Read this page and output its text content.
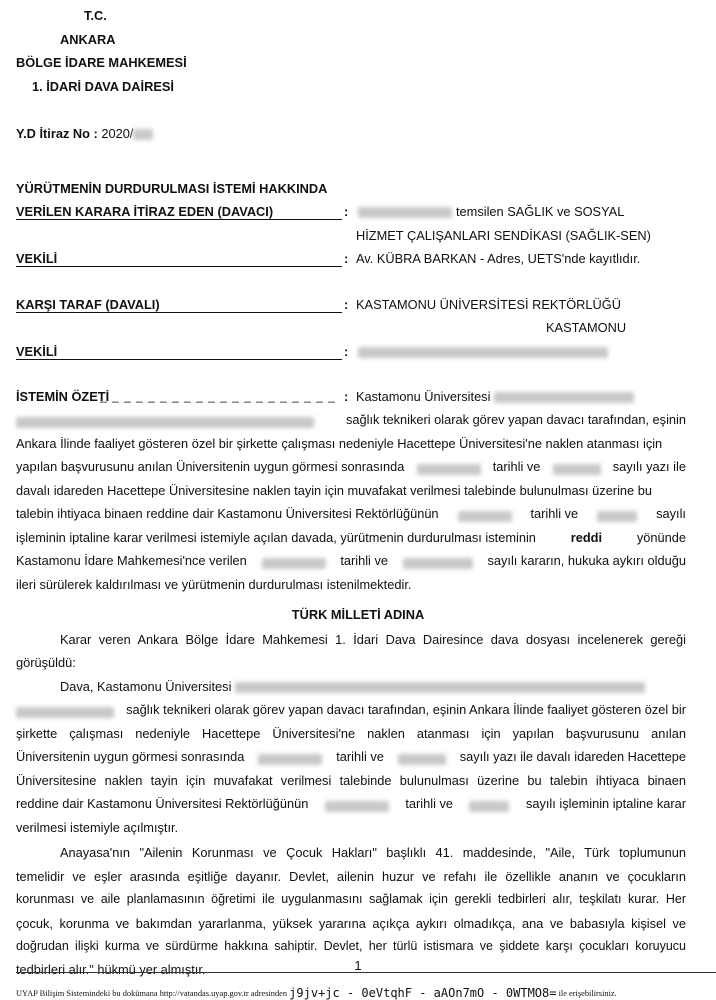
T.C.
ANKARA
BÖLGE İDARE MAHKEMESİ
1. İDARİ DAVA DAİRESİ
Y.D İtiraz No : 2020/
YÜRÜTMENİN DURDURULMASI İSTEMİ HAKKINDA
VERİLEN KARARA İTİRAZ EDEN (DAVACI)	:	temsilen SAĞLIK ve SOSYAL
HİZMET ÇALIŞANLARI SENDİKASI (SAĞLIK-SEN)
VEKİLİ	: Av. KÜBRA BARKAN - Adres, UETS'nde kayıtlıdır.
KARŞI TARAF (DAVALI)	: KASTAMONU ÜNİVERSİTESİ REKTÖRLÜĞÜ
KASTAMONU
VEKİLİ	:
İSTEMİN ÖZETİ
_ _ _ _ _ _ _ _ _ _ _ _ _ _ _ _ _ _ _ _ : Kastamonu Üniversitesi
sağlık teknikeri olarak görev yapan davacı tarafından, eşinin
Ankara İlinde faaliyet gösteren özel bir şirkette çalışması nedeniyle Hacettepe Üniversitesi'ne naklen atanması için
yapılan başvurusunu anılan Üniversitenin uygun görmesi sonrasında	tarihli ve	sayılı yazı ile
davalı idareden Hacettepe Üniversitesine naklen tayin için muvafakat verilmesi talebinde bulunulması üzerine bu
talebin ihtiyaca binaen reddine dair Kastamonu Üniversitesi Rektörlüğünün	tarihli ve	sayılı
işleminin iptaline karar verilmesi istemiyle açılan davada, yürütmenin durdurulması isteminin	reddi	yönünde
Kastamonu İdare Mahkemesi'nce verilen	tarihli ve	sayılı kararın, hukuka aykırı olduğu
ileri sürülerek kaldırılması ve yürütmenin durdurulması istenilmektedir.
TÜRK MİLLETİ ADINA
Karar veren Ankara Bölge İdare Mahkemesi 1. İdari Dava Dairesince dava dosyası incelenerek gereği
görüşüldü:
Dava, Kastamonu Üniversitesi
sağlık teknikeri olarak görev yapan davacı tarafından, eşinin Ankara İlinde faaliyet gösteren özel bir
şirkette çalışması nedeniyle Hacettepe Üniversitesi'ne naklen atanması için yapılan başvurusunu anılan
Üniversitenin uygun görmesi sonrasında	tarihli ve	sayılı yazı ile davalı idareden Hacettepe
Üniversitesine naklen tayin için muvafakat verilmesi talebinde bulunulması üzerine bu talebin ihtiyaca binaen
reddine dair Kastamonu Üniversitesi Rektörlüğünün	tarihli ve	sayılı işleminin iptaline karar
verilmesi istemiyle açılmıştır.
Anayasa'nın "Ailenin Korunması ve Çocuk Hakları" başlıklı 41. maddesinde, "Aile, Türk toplumunun
temelidir ve eşler arasında eşitliğe dayanır. Devlet, ailenin huzur ve refahı ile özellikle ananın ve çocukların
korunması ve aile planlamasının öğretimi ile uygulanmasını sağlamak için gerekli tedbirleri alır, teşkilatı kurar. Her
çocuk, korunma ve bakımdan yararlanma, yüksek yararına açıkça aykırı olmadıkça, ana ve babasıyla kişisel ve
doğrudan ilişki kurma ve sürdürme hakkına sahiptir. Devlet, her türlü istismara ve şiddete karşı çocukları koruyucu
tedbirleri alır." hükmü yer almıştır.	1
UYAP Bilişim Sistemindeki bu dokümana http://vatandas.uyap.gov.tr adresinden j9jv+jc - 0eVtqhF - aAOn7mO - 0WTMO8= ile erişebilirsiniz.
